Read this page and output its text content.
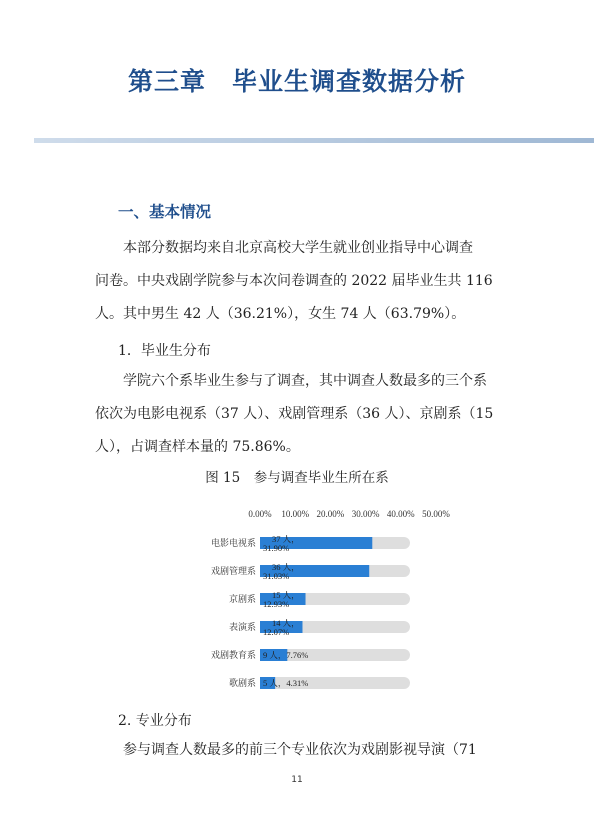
第三章　毕业生调查数据分析
一、基本情况

本部分数据均来自北京高校大学生就业创业指导中心调查
问卷。中央戏剧学院参与本次问卷调查的 2022 届毕业生共 116
人。其中男生 42 人（36.21%），女生 74 人（63.79%）。

1．毕业生分布

学院六个系毕业生参与了调查，其中调查人数最多的三个系
依次为电影电视系（37 人）、戏剧管理系（36 人）、京剧系（15
人），占调查样本量的 75.86%。

图 15　参与调查毕业生所在系

0.00% 10.00% 20.00% 30.00% 40.00% 50.00%
电影电视系 37 人，
31.90%
戏剧管理系 36 人，
31.03%
京剧系 15 人，
12.93%
表演系 14 人，
12.07%
戏剧教育系 9 人，7.76%
歌剧系 5 人，4.31%

2. 专业分布

参与调查人数最多的前三个专业依次为戏剧影视导演（71

11
